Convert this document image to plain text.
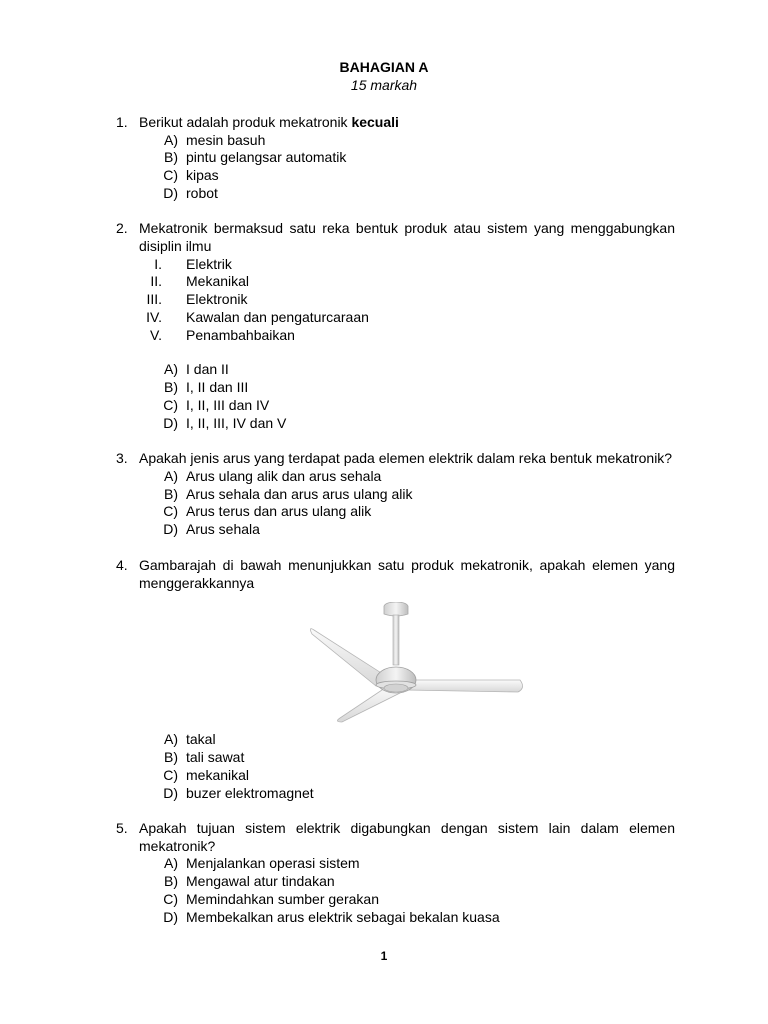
BAHAGIAN A
15 markah
1. Berikut adalah produk mekatronik kecuali
A) mesin basuh
B) pintu gelangsar automatik
C) kipas
D) robot
2. Mekatronik bermaksud satu reka bentuk produk atau sistem yang menggabungkan
disiplin ilmu
I. Elektrik
II. Mekanikal
III. Elektronik
IV. Kawalan dan pengaturcaraan
V. Penambahbaikan
A) I dan II
B) I, II dan III
C) I, II, III dan IV
D) I, II, III, IV dan V
3. Apakah jenis arus yang terdapat pada elemen elektrik dalam reka bentuk mekatronik?
A) Arus ulang alik dan arus sehala
B) Arus sehala dan arus arus ulang alik
C) Arus terus dan arus ulang alik
D) Arus sehala
4. Gambarajah di bawah menunjukkan satu produk mekatronik, apakah elemen yang
menggerakkannya
A) takal
B) tali sawat
C) mekanikal
D) buzer elektromagnet
5. Apakah tujuan sistem elektrik digabungkan dengan sistem lain dalam elemen
mekatronik?
A) Menjalankan operasi sistem
B) Mengawal atur tindakan
C) Memindahkan sumber gerakan
D) Membekalkan arus elektrik sebagai bekalan kuasa
1
